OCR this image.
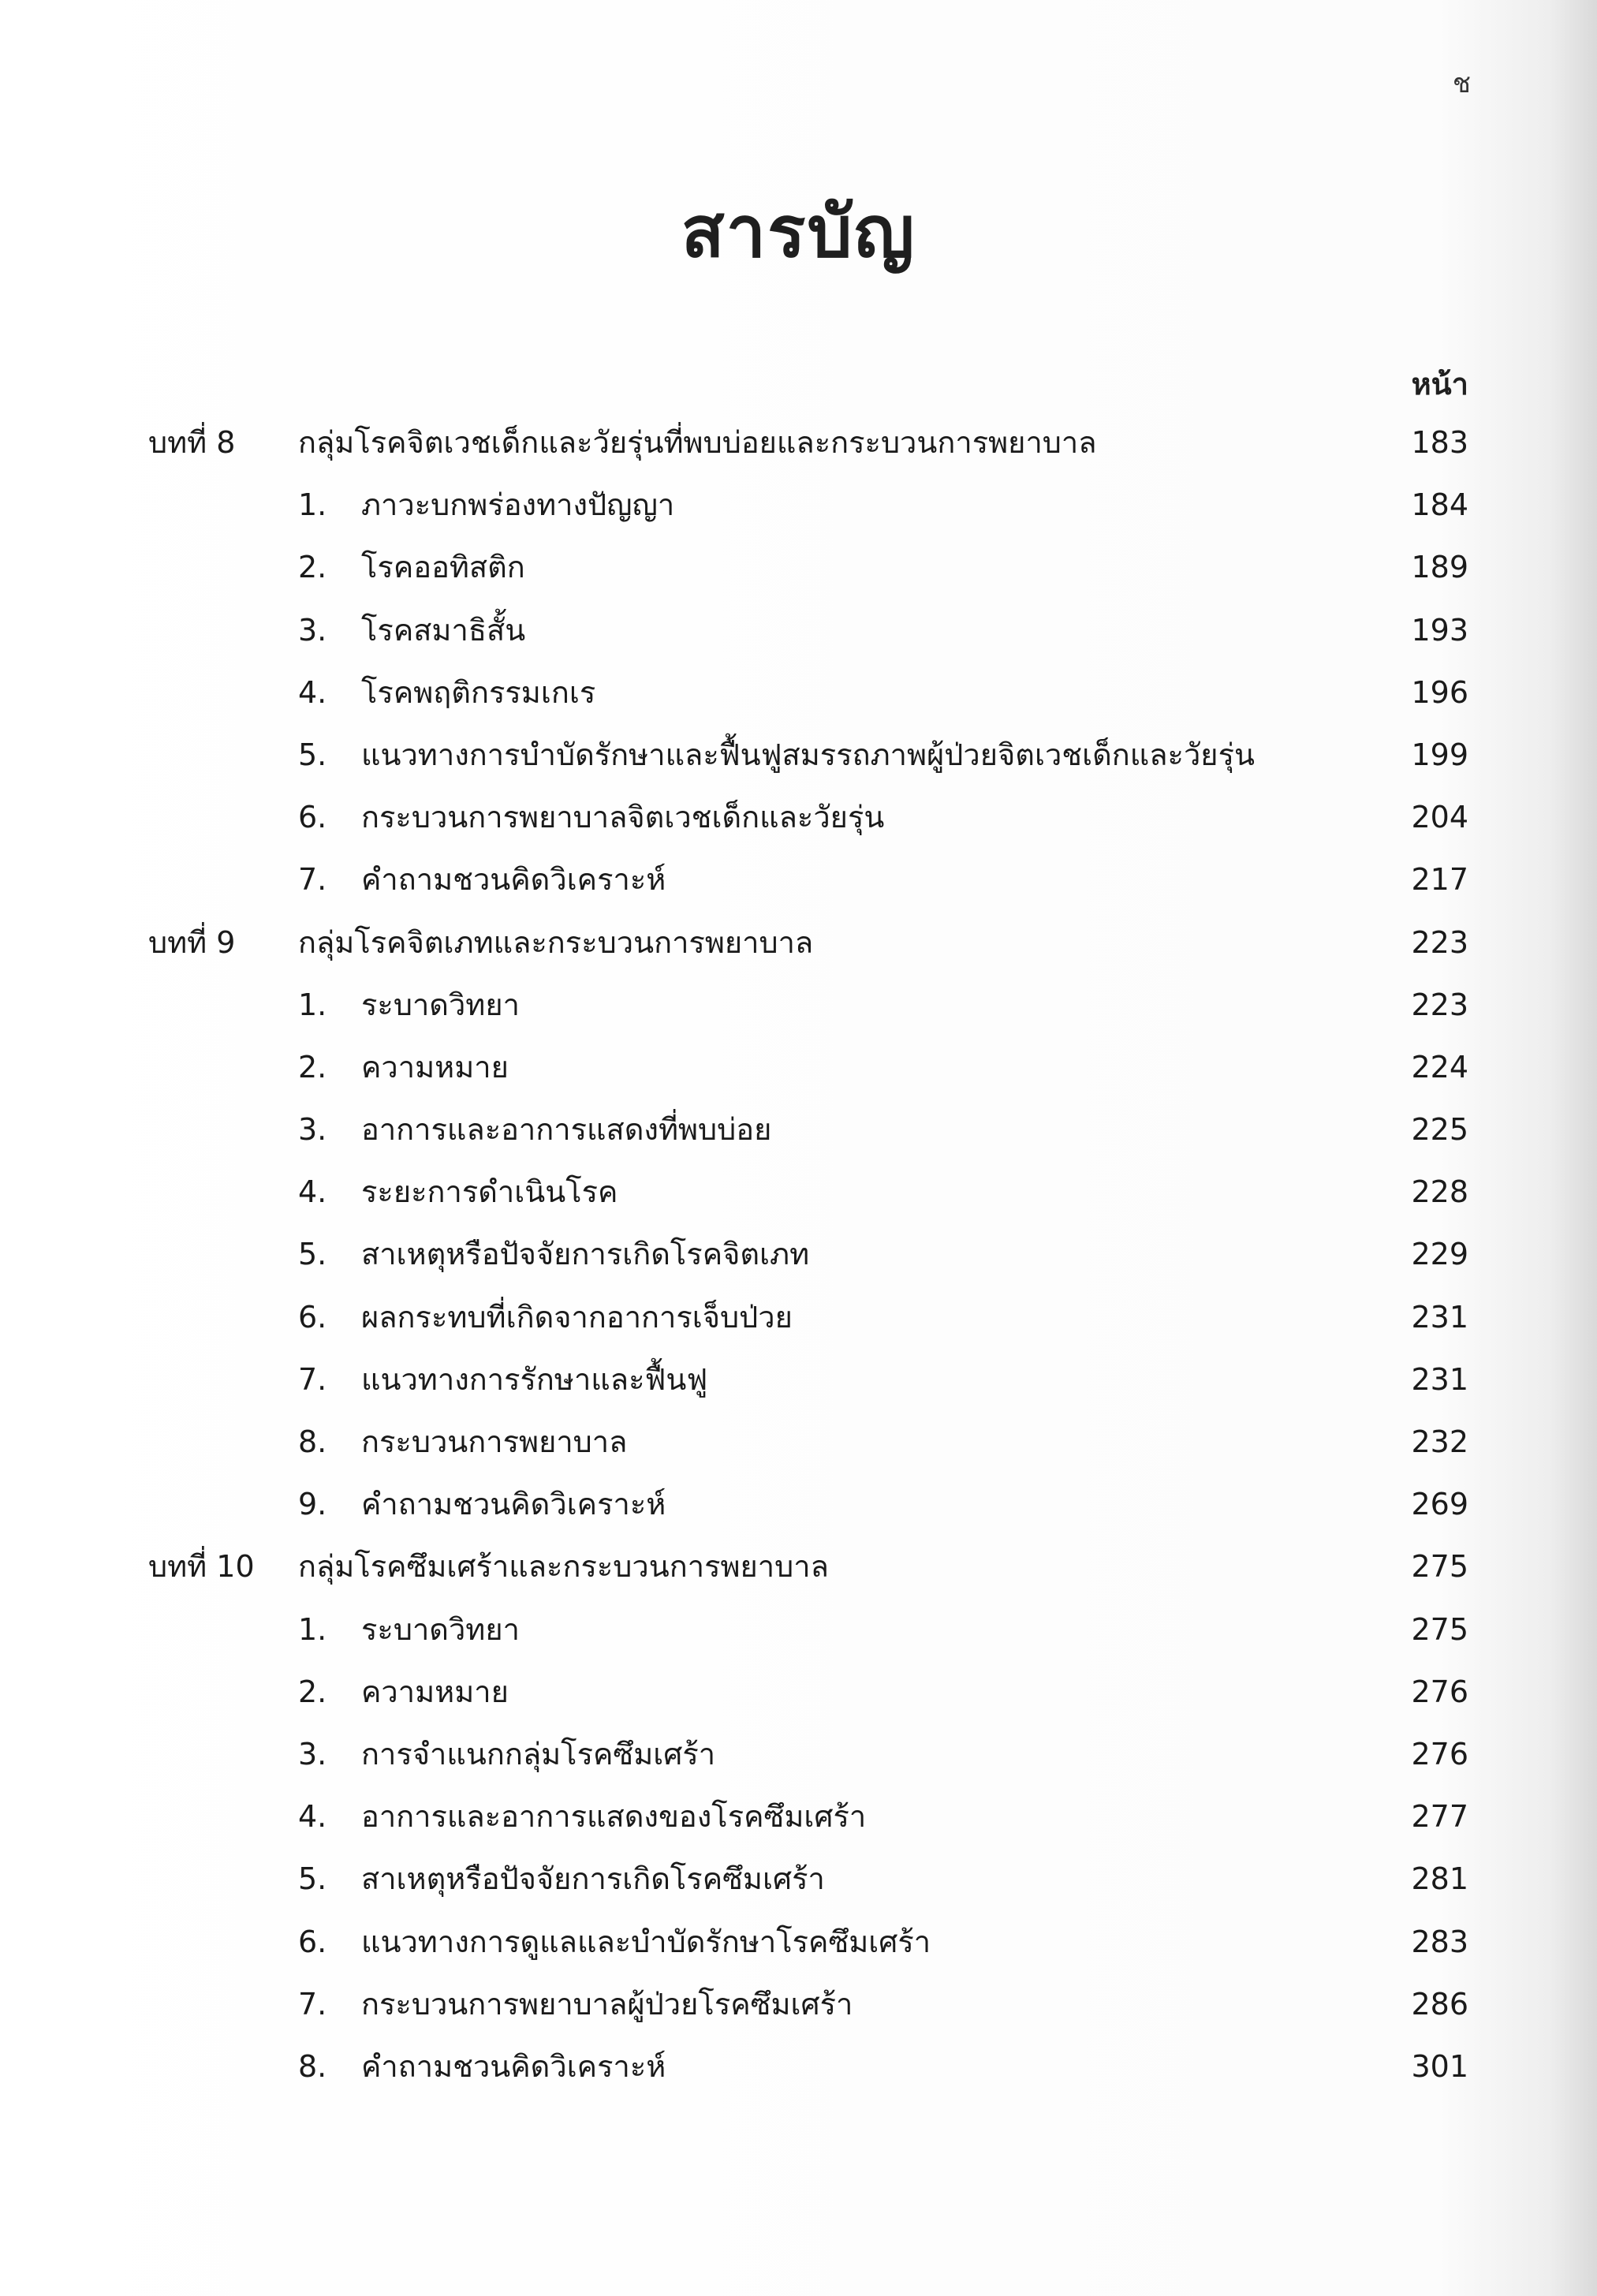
ช
สารบัญ
หน้า
บทที่ 8 กลุ่มโรคจิตเวชเด็กและวัยรุ่นที่พบบ่อยและกระบวนการพยาบาล	183
1. ภาวะบกพร่องทางปัญญา	184
2. โรคออทิสติก	189
3. โรคสมาธิสั้น	193
4. โรคพฤติกรรมเกเร	196
5. แนวทางการบำบัดรักษาและฟื้นฟูสมรรถภาพผู้ป่วยจิตเวชเด็กและวัยรุ่น	199
6. กระบวนการพยาบาลจิตเวชเด็กและวัยรุ่น	204
7. คำถามชวนคิดวิเคราะห์	217
บทที่ 9 กลุ่มโรคจิตเภทและกระบวนการพยาบาล	223
1. ระบาดวิทยา	223
2. ความหมาย	224
3. อาการและอาการแสดงที่พบบ่อย	225
4. ระยะการดำเนินโรค	228
5. สาเหตุหรือปัจจัยการเกิดโรคจิตเภท	229
6. ผลกระทบที่เกิดจากอาการเจ็บป่วย	231
7. แนวทางการรักษาและฟื้นฟู	231
8. กระบวนการพยาบาล	232
9. คำถามชวนคิดวิเคราะห์	269
บทที่ 10 กลุ่มโรคซึมเศร้าและกระบวนการพยาบาล	275
1. ระบาดวิทยา	275
2. ความหมาย	276
3. การจำแนกกลุ่มโรคซึมเศร้า	276
4. อาการและอาการแสดงของโรคซึมเศร้า	277
5. สาเหตุหรือปัจจัยการเกิดโรคซึมเศร้า	281
6. แนวทางการดูแลและบำบัดรักษาโรคซึมเศร้า	283
7. กระบวนการพยาบาลผู้ป่วยโรคซึมเศร้า	286
8. คำถามชวนคิดวิเคราะห์	301
